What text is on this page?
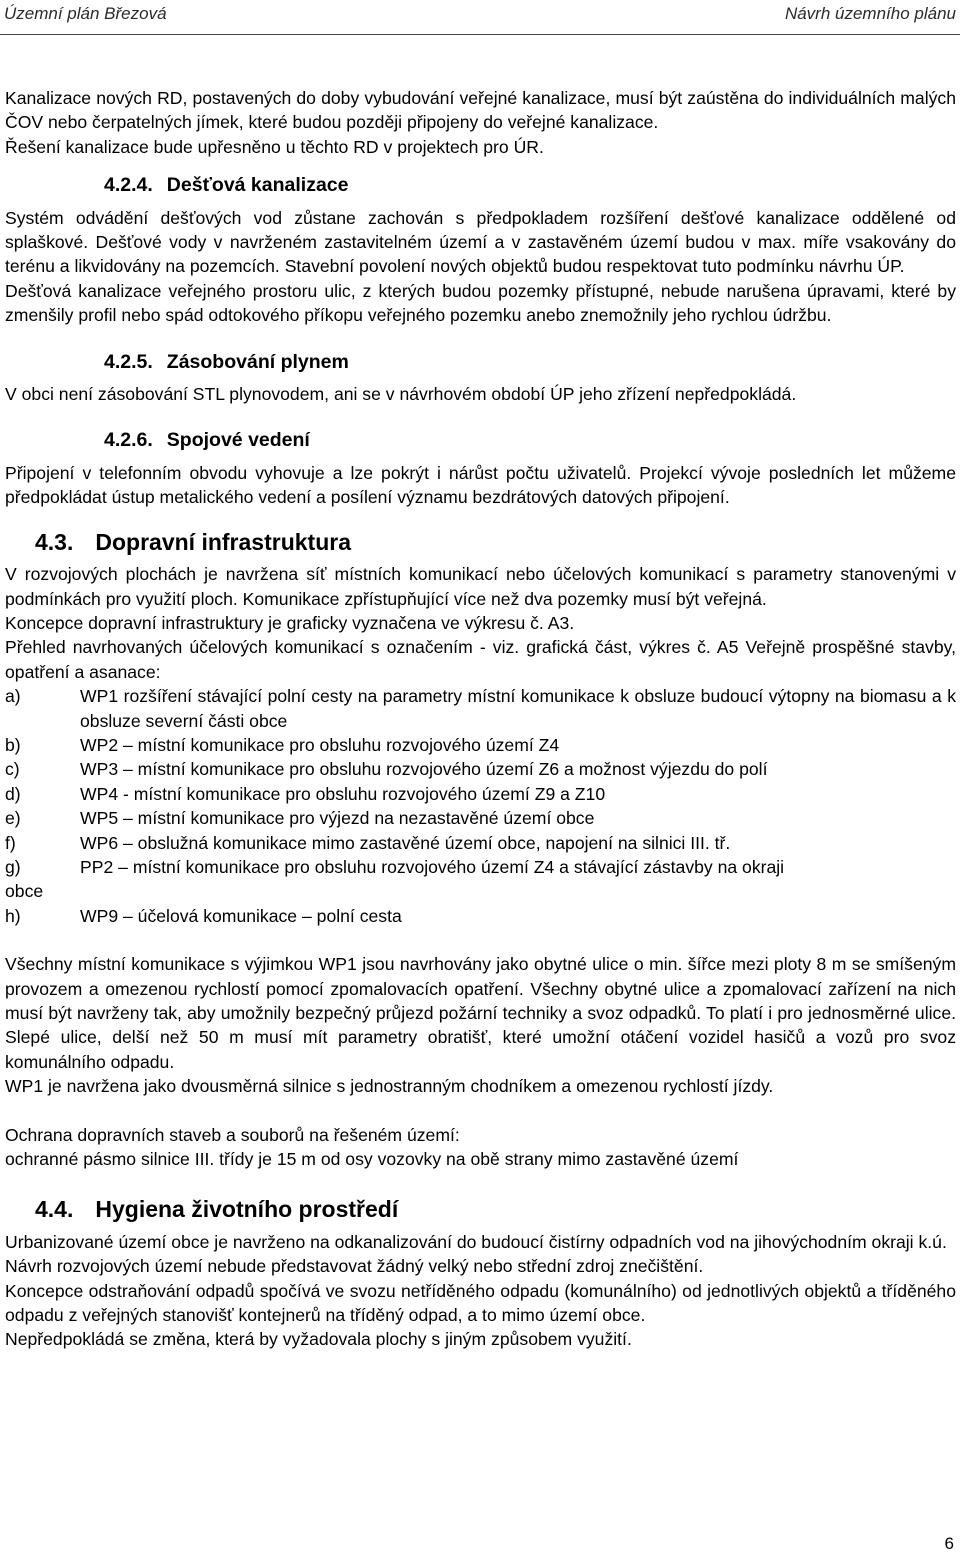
Územní plán Březová	Návrh územního plánu

Kanalizace nových RD, postavených do doby vybudování veřejné kanalizace, musí být zaústěna do individuálních malých ČOV nebo čerpatelných jímek, které budou později připojeny do veřejné kanalizace.

Řešení kanalizace bude upřesněno u těchto RD v projektech pro ÚR.

4.2.4. Dešťová kanalizace

Systém odvádění dešťových vod zůstane zachován s předpokladem rozšíření dešťové kanalizace oddělené od splaškové. Dešťové vody v navrženém zastavitelném území a v zastavěném území budou v max. míře vsakovány do terénu a likvidovány na pozemcích. Stavební povolení nových objektů budou respektovat tuto podmínku návrhu ÚP.

Dešťová kanalizace veřejného prostoru ulic, z kterých budou pozemky přístupné, nebude narušena úpravami, které by zmenšily profil nebo spád odtokového příkopu veřejného pozemku anebo znemožnily jeho rychlou údržbu.

4.2.5. Zásobování plynem

V obci není zásobování STL plynovodem, ani se v návrhovém období ÚP jeho zřízení nepředpokládá.

4.2.6. Spojové vedení

Připojení v telefonním obvodu vyhovuje a lze pokrýt i nárůst počtu uživatelů. Projekcí vývoje posledních let můžeme předpokládat ústup metalického vedení a posílení významu bezdrátových datových připojení.

4.3. Dopravní infrastruktura

V rozvojových plochách je navržena síť místních komunikací nebo účelových komunikací s parametry stanovenými v podmínkách pro využití ploch. Komunikace zpřístupňující více než dva pozemky musí být veřejná.

Koncepce dopravní infrastruktury je graficky vyznačena ve výkresu č. A3.

Přehled navrhovaných účelových komunikací s označením - viz. grafická část, výkres č. A5 Veřejně prospěšné stavby, opatření a asanace:

a)	WP1 rozšíření stávající polní cesty na parametry místní komunikace k obsluze budoucí výtopny na biomasu a k obsluze severní části obce
b)	WP2 – místní komunikace pro obsluhu rozvojového území Z4
c)	WP3 – místní komunikace pro obsluhu rozvojového území Z6 a možnost výjezdu do polí
d)	WP4 - místní komunikace pro obsluhu rozvojového území Z9 a Z10
e)	WP5 – místní komunikace pro výjezd na nezastavěné území obce
f)	WP6 – obslužná komunikace mimo zastavěné území obce, napojení na silnici III. tř.
g)	PP2 – místní komunikace pro obsluhu rozvojového území Z4 a stávající zástavby na okraji

obce

h)	WP9 – účelová komunikace – polní cesta

Všechny místní komunikace s výjimkou WP1 jsou navrhovány jako obytné ulice o min. šířce mezi ploty 8 m se smíšeným provozem a omezenou rychlostí pomocí zpomalovacích opatření. Všechny obytné ulice a zpomalovací zařízení na nich musí být navrženy tak, aby umožnily bezpečný průjezd požární techniky a svoz odpadků. To platí i pro jednosměrné ulice. Slepé ulice, delší než 50 m musí mít parametry obratišť, které umožní otáčení vozidel hasičů a vozů pro svoz komunálního odpadu.

WP1 je navržena jako dvousměrná silnice s jednostranným chodníkem a omezenou rychlostí jízdy.

Ochrana dopravních staveb a souborů na řešeném území:

ochranné pásmo silnice III. třídy je 15 m od osy vozovky na obě strany mimo zastavěné území

4.4. Hygiena životního prostředí

Urbanizované území obce je navrženo na odkanalizování do budoucí čistírny odpadních vod na jihovýchodním okraji k.ú.

Návrh rozvojových území nebude představovat žádný velký nebo střední zdroj znečištění.

Koncepce odstraňování odpadů spočívá ve svozu netříděného odpadu (komunálního) od jednotlivých objektů a tříděného odpadu z veřejných stanovišť kontejnerů na tříděný odpad, a to mimo území obce.

Nepředpokládá se změna, která by vyžadovala plochy s jiným způsobem využití.

6
